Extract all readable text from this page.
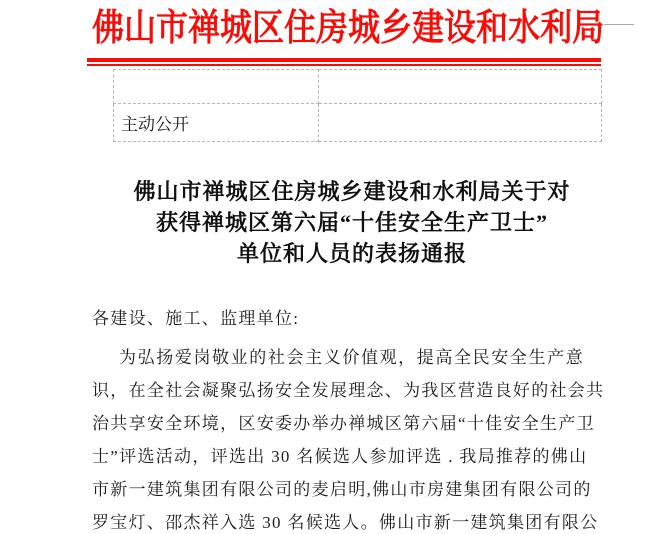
佛山市禅城区住房城乡建设和水利局

主动公开	
佛山市禅城区住房城乡建设和水利局关于对
获得禅城区第六届“十佳安全生产卫士”
单位和人员的表扬通报
各建设、施工、监理单位:
为弘扬爱岗敬业的社会主义价值观，提高全民安全生产意
识，在全社会凝聚弘扬安全发展理念、为我区营造良好的社会共
治共享安全环境，区安委办举办禅城区第六届“十佳安全生产卫
士”评选活动，评选出 30 名候选人参加评选 . 我局推荐的佛山
市新一建筑集团有限公司的麦启明,佛山市房建集团有限公司的
罗宝灯、邵杰祥入选 30 名候选人。佛山市新一建筑集团有限公
